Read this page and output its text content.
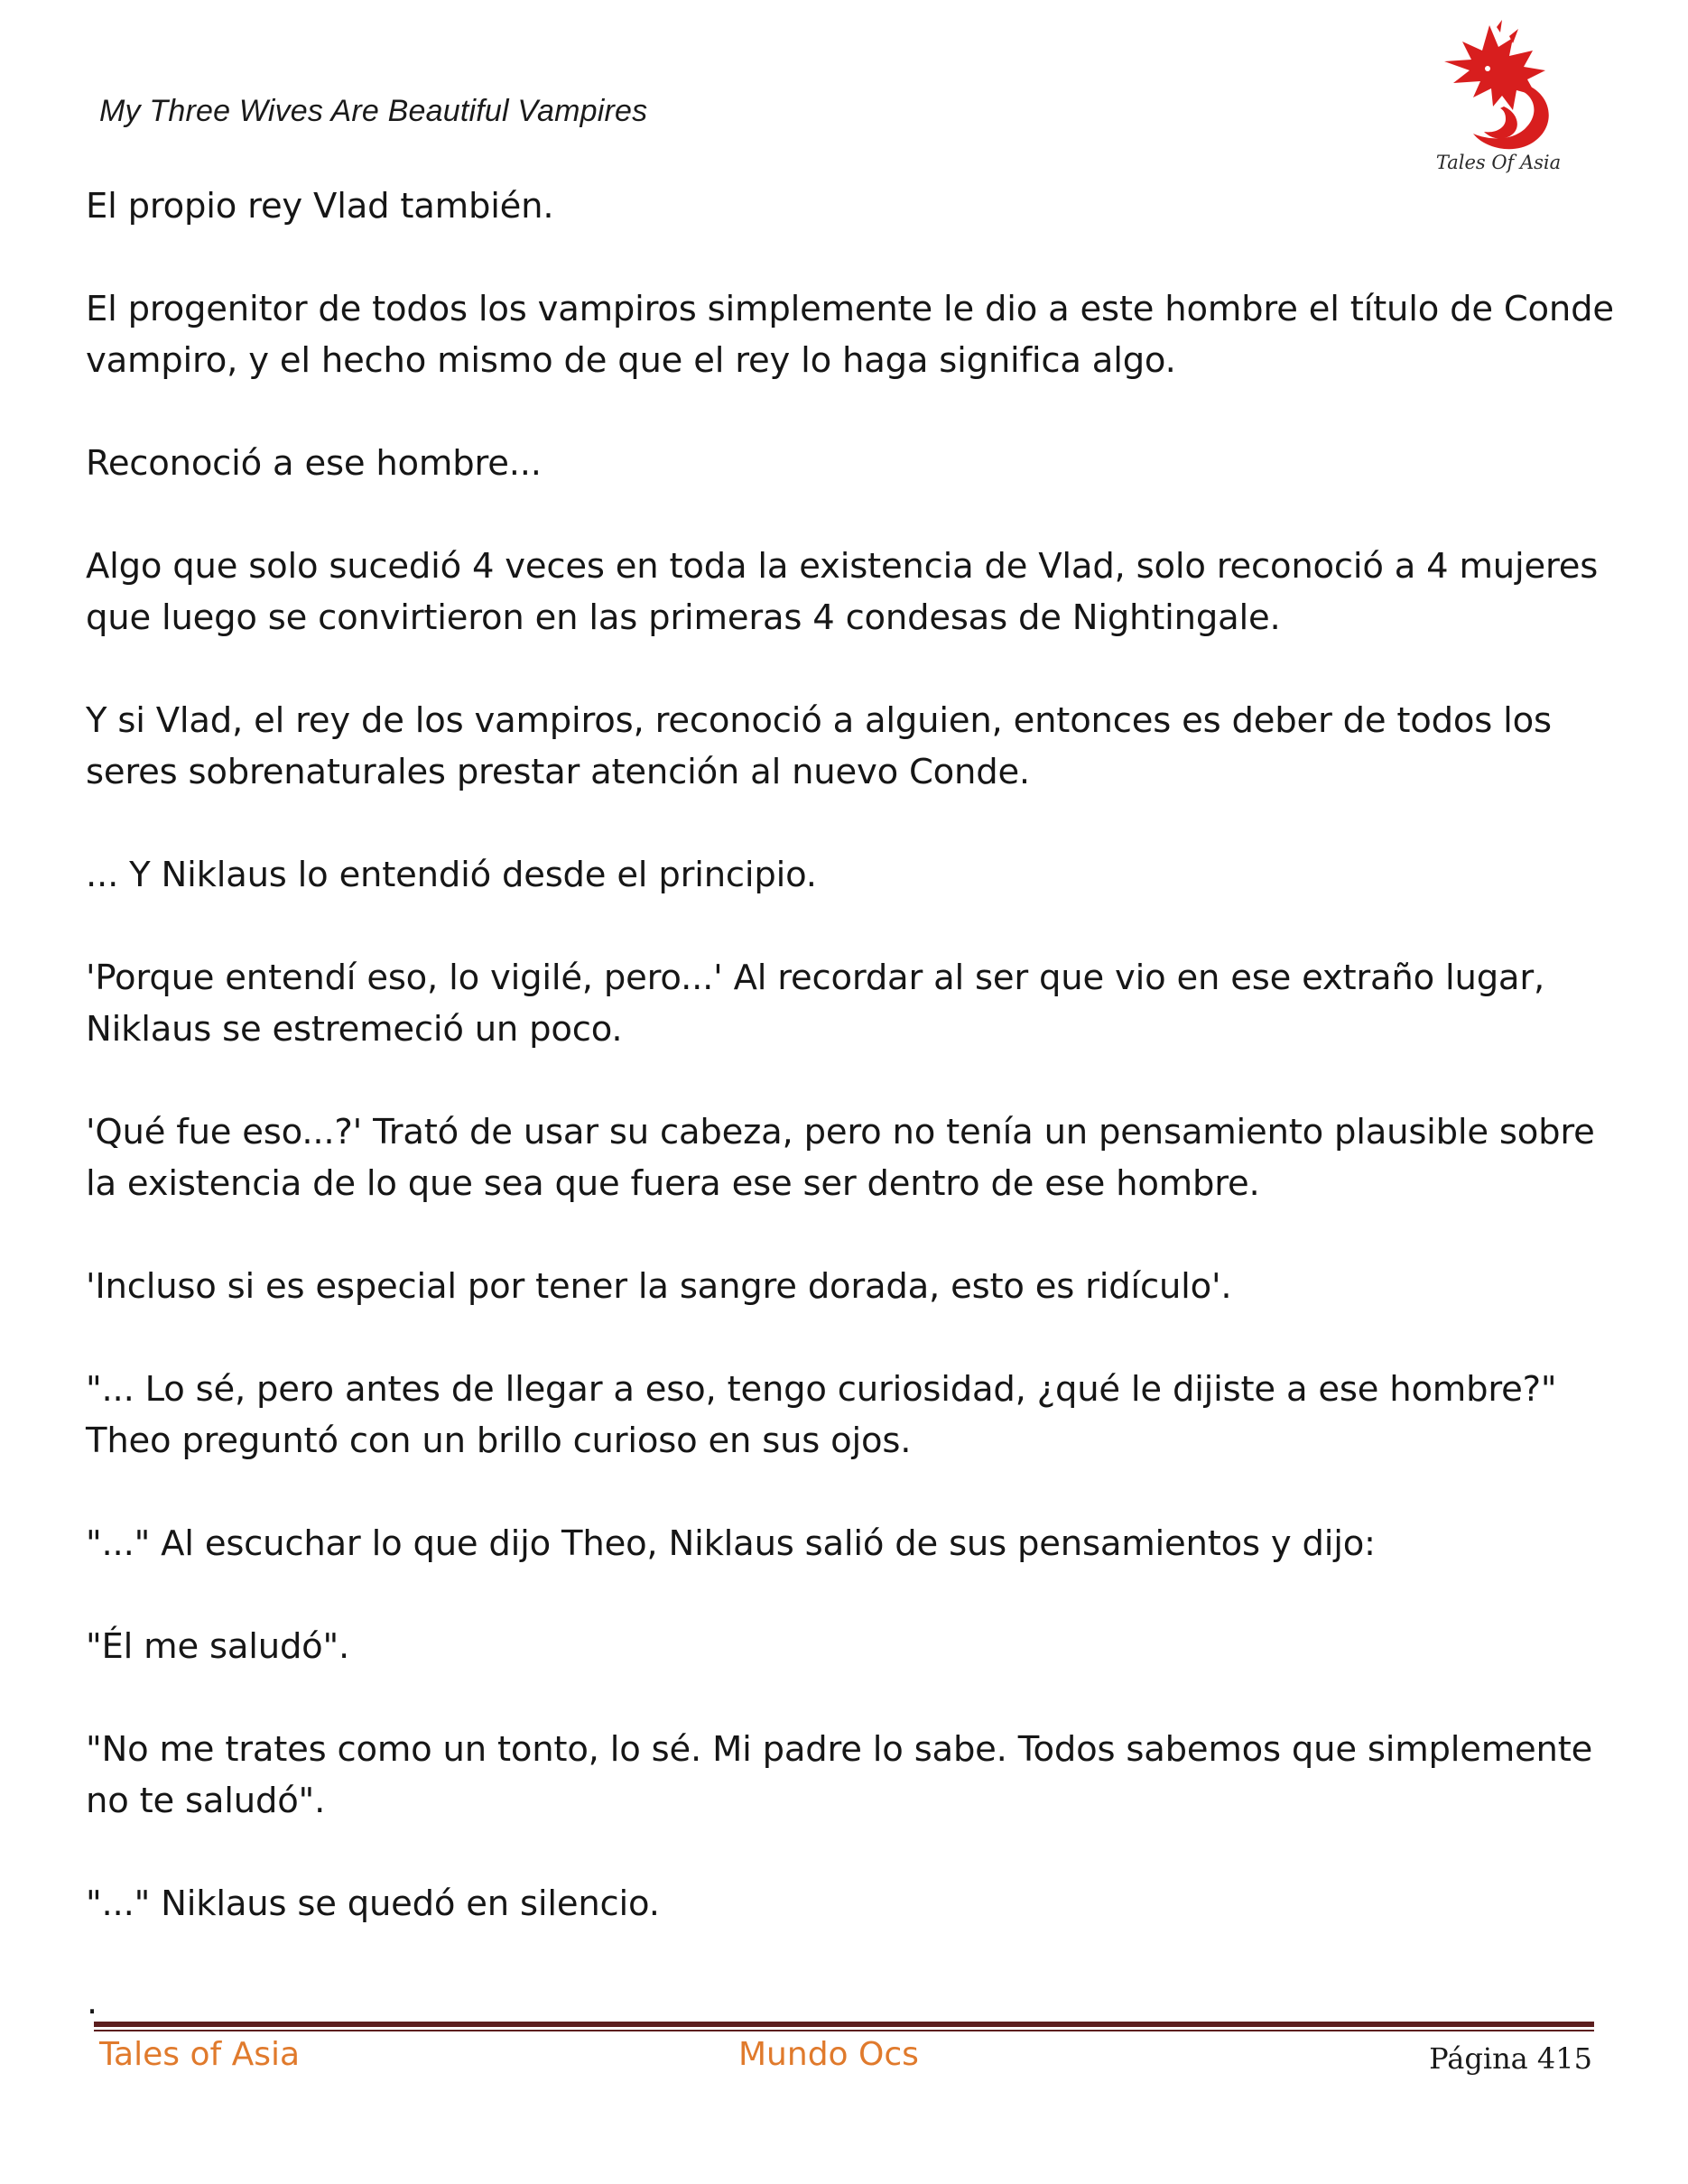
My Three Wives Are Beautiful Vampires
Tales Of Asia

El propio rey Vlad también.

El progenitor de todos los vampiros simplemente le dio a este hombre el título de Conde vampiro, y el hecho mismo de que el rey lo haga significa algo.

Reconoció a ese hombre...

Algo que solo sucedió 4 veces en toda la existencia de Vlad, solo reconoció a 4 mujeres que luego se convirtieron en las primeras 4 condesas de Nightingale.

Y si Vlad, el rey de los vampiros, reconoció a alguien, entonces es deber de todos los seres sobrenaturales prestar atención al nuevo Conde.

... Y Niklaus lo entendió desde el principio.

'Porque entendí eso, lo vigilé, pero...' Al recordar al ser que vio en ese extraño lugar, Niklaus se estremeció un poco.

'Qué fue eso...?' Trató de usar su cabeza, pero no tenía un pensamiento plausible sobre la existencia de lo que sea que fuera ese ser dentro de ese hombre.

'Incluso si es especial por tener la sangre dorada, esto es ridículo'.

"... Lo sé, pero antes de llegar a eso, tengo curiosidad, ¿qué le dijiste a ese hombre?" Theo preguntó con un brillo curioso en sus ojos.

"..." Al escuchar lo que dijo Theo, Niklaus salió de sus pensamientos y dijo:

"Él me saludó".

"No me trates como un tonto, lo sé. Mi padre lo sabe. Todos sabemos que simplemente no te saludó".

"..." Niklaus se quedó en silencio.

.
Tales of Asia	Mundo Ocs	Página 415
